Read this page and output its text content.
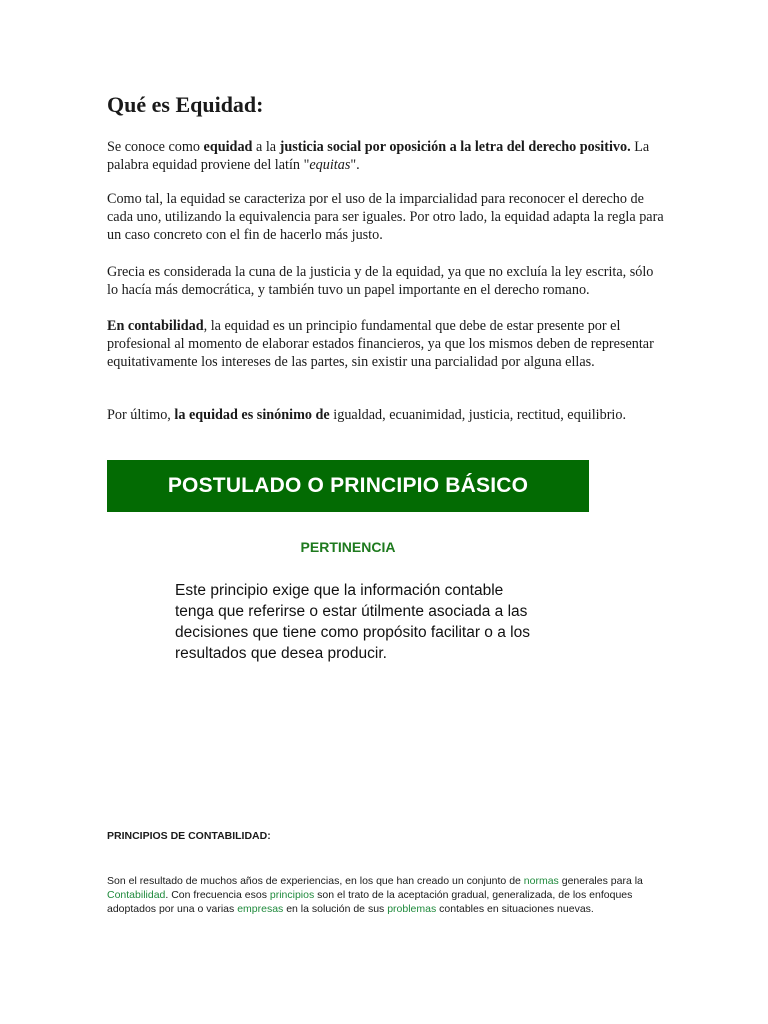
Qué es Equidad:

Se conoce como equidad a la justicia social por oposición a la letra del derecho positivo. La palabra equidad proviene del latín "equitas".

Como tal, la equidad se caracteriza por el uso de la imparcialidad para reconocer el derecho de cada uno, utilizando la equivalencia para ser iguales. Por otro lado, la equidad adapta la regla para un caso concreto con el fin de hacerlo más justo.

Grecia es considerada la cuna de la justicia y de la equidad, ya que no excluía la ley escrita, sólo lo hacía más democrática, y también tuvo un papel importante en el derecho romano.

En contabilidad, la equidad es un principio fundamental que debe de estar presente por el profesional al momento de elaborar estados financieros, ya que los mismos deben de representar equitativamente los intereses de las partes, sin existir una parcialidad por alguna ellas.

Por último, la equidad es sinónimo de igualdad, ecuanimidad, justicia, rectitud, equilibrio.

POSTULADO O PRINCIPIO BÁSICO
PERTINENCIA

Este principio exige que la información contable tenga que referirse o estar útilmente asociada a las decisiones que tiene como propósito facilitar o a los resultados que desea producir.

PRINCIPIOS DE CONTABILIDAD:

Son el resultado de muchos años de experiencias, en los que han creado un conjunto de normas generales para la Contabilidad. Con frecuencia esos principios son el trato de la aceptación gradual, generalizada, de los enfoques adoptados por una o varias empresas en la solución de sus problemas contables en situaciones nuevas.
